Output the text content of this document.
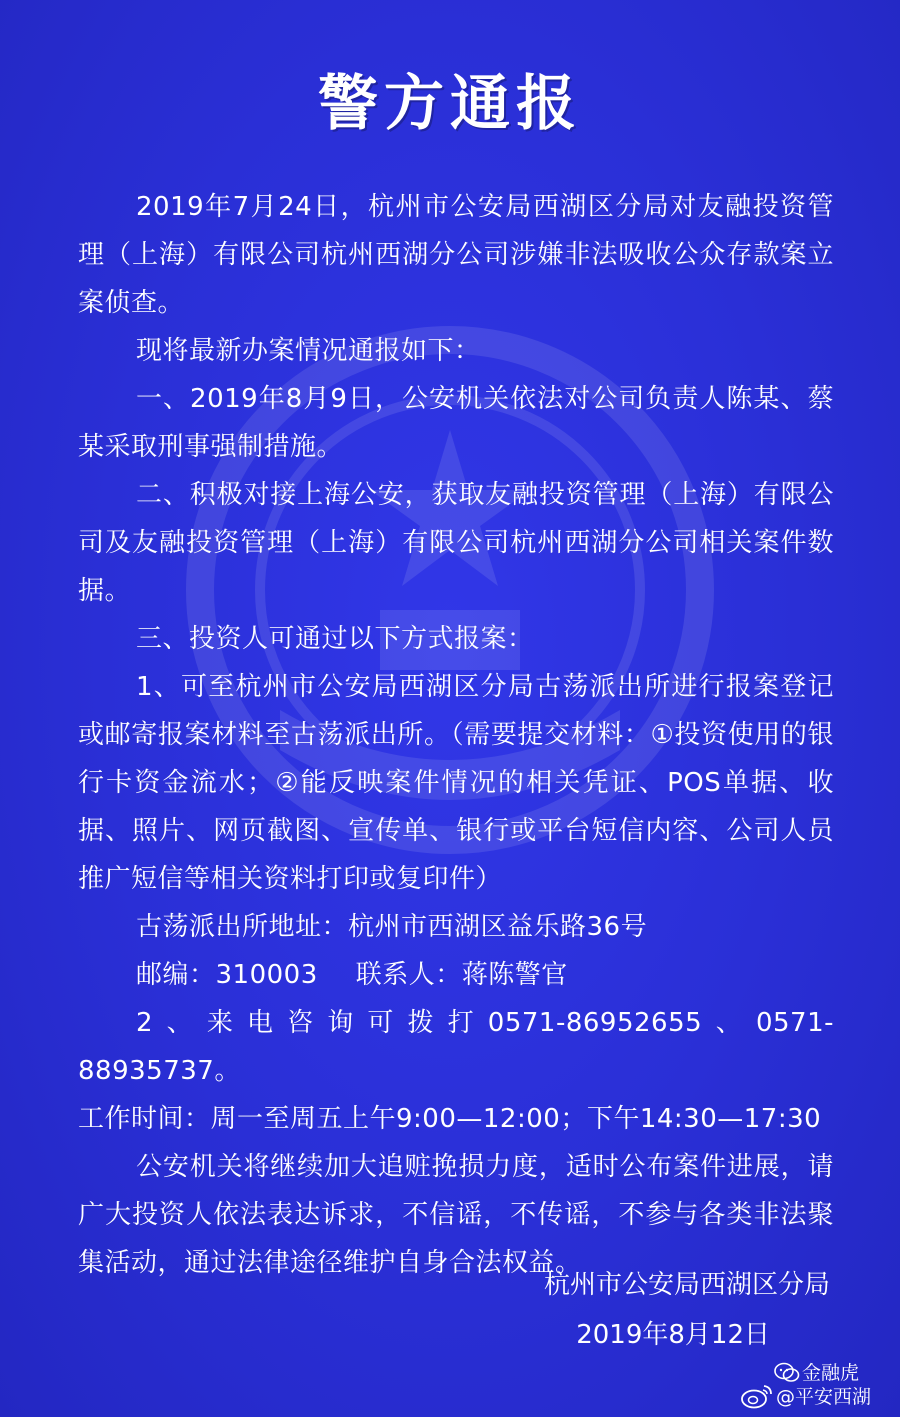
警方通报

2019年7月24日，杭州市公安局西湖区分局对友融投资管理（上海）有限公司杭州西湖分公司涉嫌非法吸收公众存款案立案侦查。

现将最新办案情况通报如下：

一、2019年8月9日，公安机关依法对公司负责人陈某、蔡某采取刑事强制措施。

二、积极对接上海公安，获取友融投资管理（上海）有限公司及友融投资管理（上海）有限公司杭州西湖分公司相关案件数据。

三、投资人可通过以下方式报案：

1、可至杭州市公安局西湖区分局古荡派出所进行报案登记或邮寄报案材料至古荡派出所。（需要提交材料：①投资使用的银行卡资金流水；②能反映案件情况的相关凭证、POS单据、收据、照片、网页截图、宣传单、银行或平台短信内容、公司人员推广短信等相关资料打印或复印件）

古荡派出所地址：杭州市西湖区益乐路36号

邮编：310003 联系人：蒋陈警官

2、来电咨询可拨打0571-86952655、0571-88935737。

工作时间：周一至周五上午9:00—12:00；下午14:30—17:30

公安机关将继续加大追赃挽损力度，适时公布案件进展，请广大投资人依法表达诉求，不信谣，不传谣，不参与各类非法聚集活动，通过法律途径维护自身合法权益。

杭州市公安局西湖区分局
2019年8月12日
金融虎
@平安西湖
